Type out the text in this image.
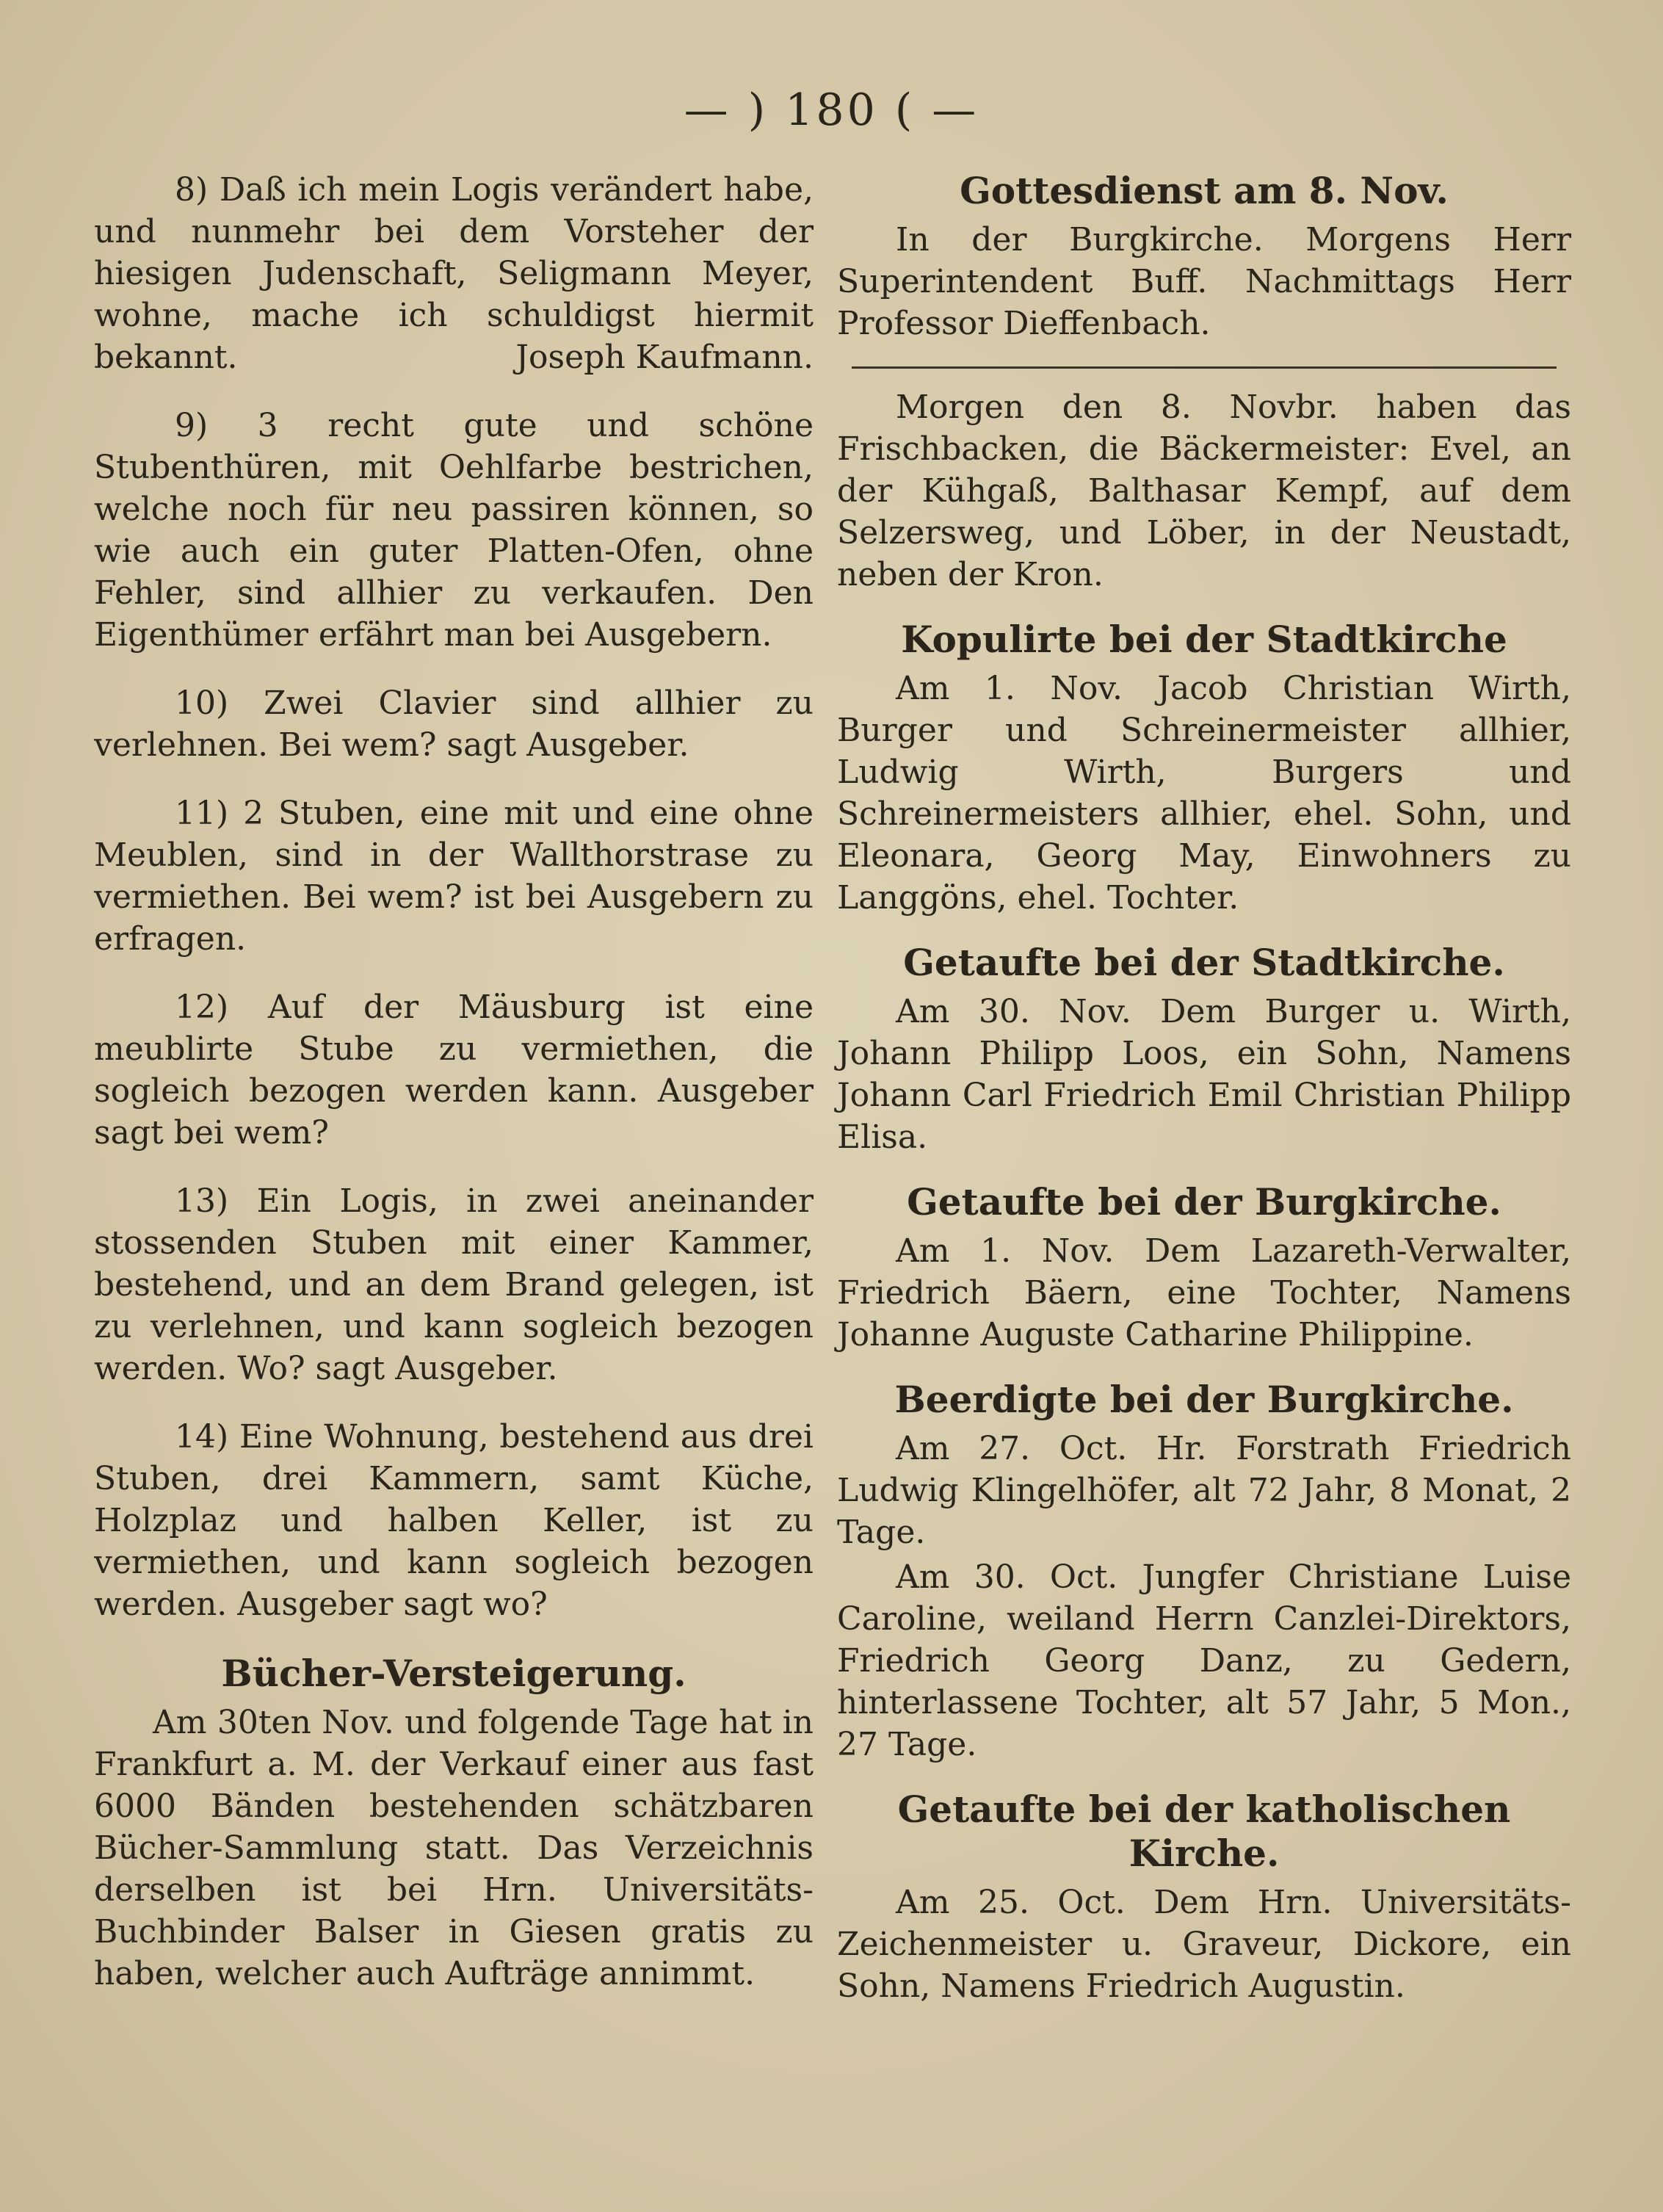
— ) 180 ( —

8) Daß ich mein Logis verändert habe, und nunmehr bei dem Vorsteher der hiesigen Judenschaft, Seligmann Meyer, wohne, mache ich schuldigst hiermit bekannt.	Joseph Kaufmann.

9) 3 recht gute und schöne Stubenthüren, mit Oehlfarbe bestrichen, welche noch für neu passiren können, so wie auch ein guter Platten-Ofen, ohne Fehler, sind allhier zu verkaufen. Den Eigenthümer erfährt man bei Ausgebern.

10) Zwei Clavier sind allhier zu verlehnen. Bei wem? sagt Ausgeber.

11) 2 Stuben, eine mit und eine ohne Meublen, sind in der Wallthorstrase zu vermiethen. Bei wem? ist bei Ausgebern zu erfragen.

12) Auf der Mäusburg ist eine meublirte Stube zu vermiethen, die sogleich bezogen werden kann. Ausgeber sagt bei wem?

13) Ein Logis, in zwei aneinander stossenden Stuben mit einer Kammer, bestehend, und an dem Brand gelegen, ist zu verlehnen, und kann sogleich bezogen werden. Wo? sagt Ausgeber.

14) Eine Wohnung, bestehend aus drei Stuben, drei Kammern, samt Küche, Holzplaz und halben Keller, ist zu vermiethen, und kann sogleich bezogen werden. Ausgeber sagt wo?

Bücher-Versteigerung.

Am 30ten Nov. und folgende Tage hat in Frankfurt a. M. der Verkauf einer aus fast 6000 Bänden bestehenden schätzbaren Bücher-Sammlung statt. Das Verzeichnis derselben ist bei Hrn. Universitäts-Buchbinder Balser in Giesen gratis zu haben, welcher auch Aufträge annimmt.

Gottesdienst am 8. Nov.

In der Burgkirche. Morgens Herr Superintendent Buff. Nachmittags Herr Professor Dieffenbach.

Morgen den 8. Novbr. haben das Frischbacken, die Bäckermeister: Evel, an der Kühgaß, Balthasar Kempf, auf dem Selzersweg, und Löber, in der Neustadt, neben der Kron.

Kopulirte bei der Stadtkirche

Am 1. Nov. Jacob Christian Wirth, Burger und Schreinermeister allhier, Ludwig Wirth, Burgers und Schreinermeisters allhier, ehel. Sohn, und Eleonara, Georg May, Einwohners zu Langgöns, ehel. Tochter.

Getaufte bei der Stadtkirche.

Am 30. Nov. Dem Burger u. Wirth, Johann Philipp Loos, ein Sohn, Namens Johann Carl Friedrich Emil Christian Philipp Elisa.

Getaufte bei der Burgkirche.

Am 1. Nov. Dem Lazareth-Verwalter, Friedrich Bäern, eine Tochter, Namens Johanne Auguste Catharine Philippine.

Beerdigte bei der Burgkirche.

Am 27. Oct. Hr. Forstrath Friedrich Ludwig Klingelhöfer, alt 72 Jahr, 8 Monat, 2 Tage.

Am 30. Oct. Jungfer Christiane Luise Caroline, weiland Herrn Canzlei-Direktors, Friedrich Georg Danz, zu Gedern, hinterlassene Tochter, alt 57 Jahr, 5 Mon., 27 Tage.

Getaufte bei der katholischen Kirche.

Am 25. Oct. Dem Hrn. Universitäts-Zeichenmeister u. Graveur, Dickore, ein Sohn, Namens Friedrich Augustin.
